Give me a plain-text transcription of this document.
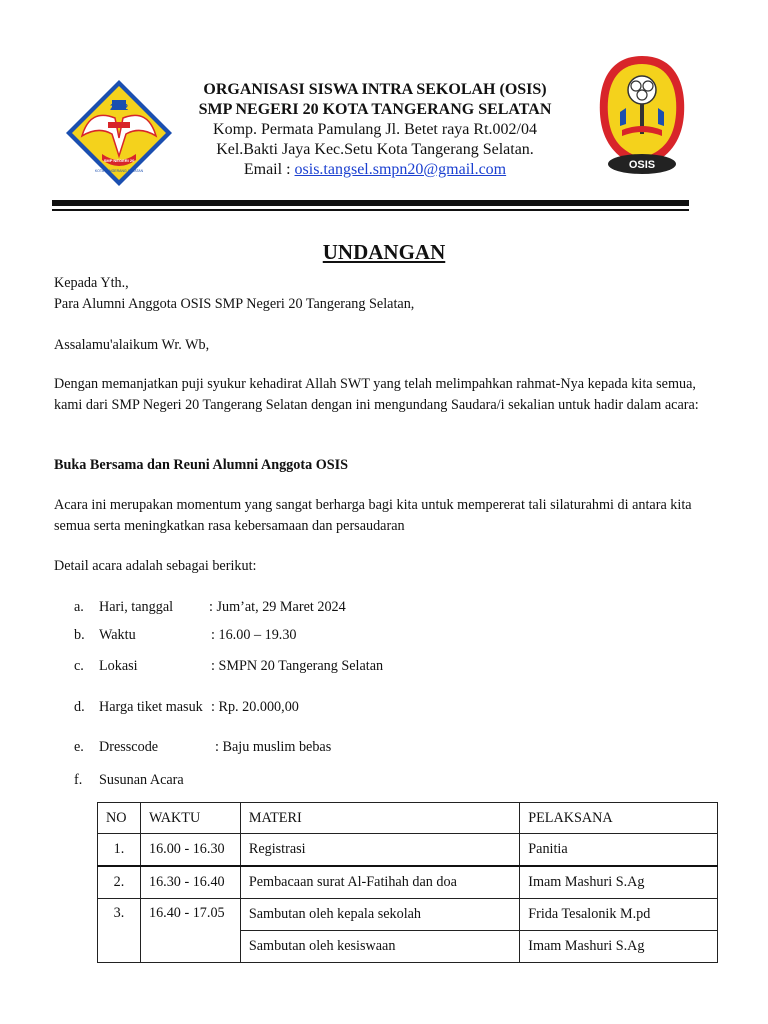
2012
SMP NEGERI 20
KOTA TANGERANG SELATAN	OSIS
ORGANISASI SISWA INTRA SEKOLAH (OSIS)
SMP NEGERI 20 KOTA TANGERANG SELATAN
Komp. Permata Pamulang Jl. Betet raya Rt.002/04
Kel.Bakti Jaya Kec.Setu Kota Tangerang Selatan.
Email : osis.tangsel.smpn20@gmail.com
UNDANGAN
Kepada Yth.,
Para Alumni Anggota OSIS SMP Negeri 20 Tangerang Selatan,
Assalamu'alaikum Wr. Wb,
Dengan memanjatkan puji syukur kehadirat Allah SWT yang telah melimpahkan rahmat-Nya kepada kita semua, kami dari SMP Negeri 20 Tangerang Selatan dengan ini mengundang Saudara/i sekalian untuk hadir dalam acara:
Buka Bersama dan Reuni Alumni Anggota OSIS
Acara ini merupakan momentum yang sangat berharga bagi kita untuk mempererat tali silaturahmi di antara kita semua serta meningkatkan rasa kebersamaan dan persaudaran
Detail acara adalah sebagai berikut:
a. Hari, tanggal	: Jum’at, 29 Maret 2024
b. Waktu	: 16.00 – 19.30
c. Lokasi	: SMPN 20 Tangerang Selatan
d. Harga tiket masuk : Rp. 20.000,00
e. Dresscode	: Baju muslim bebas
f. Susunan Acara
NO	WAKTU	MATERI	PELAKSANA
1.	16.00 - 16.30	Registrasi	Panitia
2.	16.30 - 16.40	Pembacaan surat Al-Fatihah dan doa	Imam Mashuri S.Ag
3.	16.40 - 17.05	Sambutan oleh kepala sekolah	Frida Tesalonik M.pd
		Sambutan oleh kesiswaan	Imam Mashuri S.Ag
